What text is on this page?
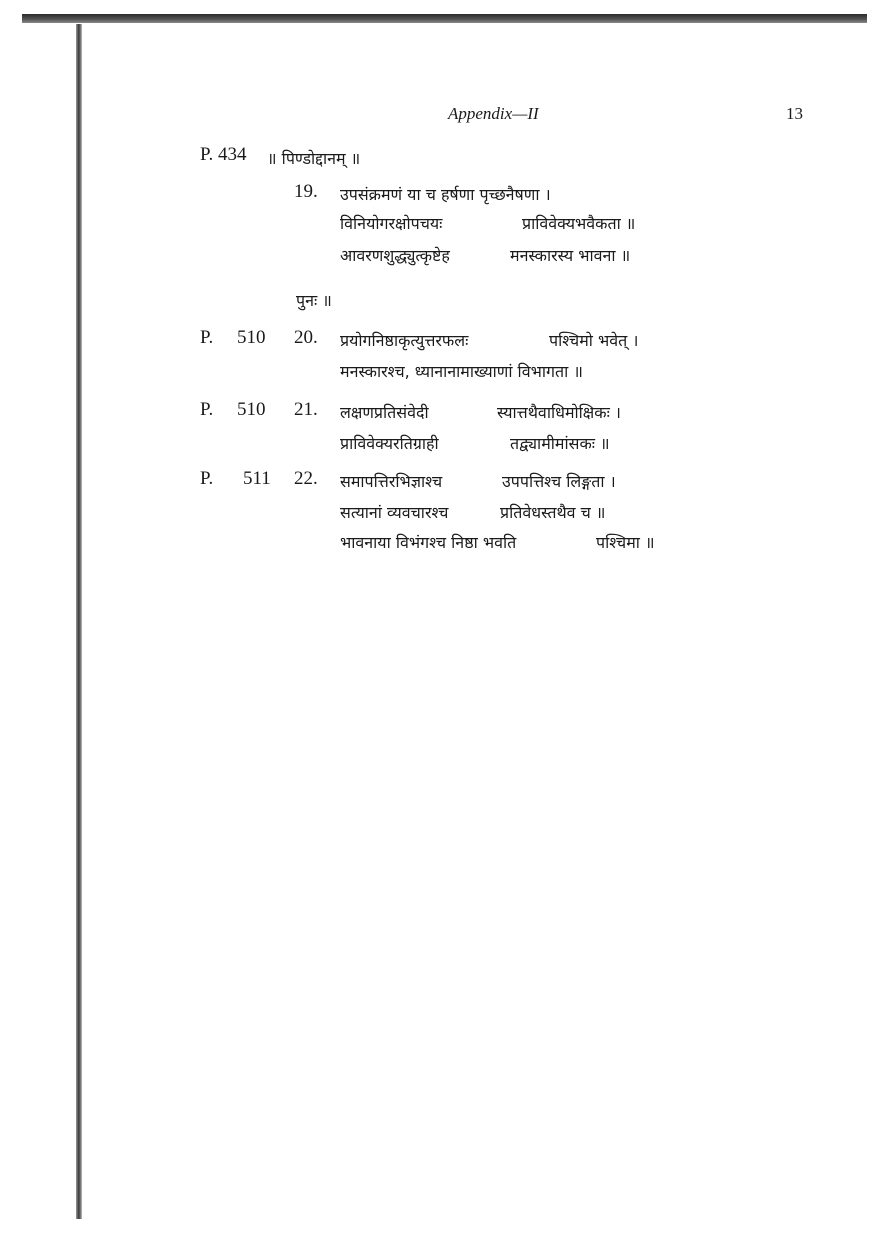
Appendix—II	13
P. 434 ॥ पिण्डोद्दानम् ॥
19. उपसंक्रमणं या च हर्षणा पृच्छनैषणा ।
विनियोगरक्षोपचयः	प्राविवेक्यभवैकता ॥
आवरणशुद्ध्युत्कृष्टेह	मनस्कारस्य भावना ॥
पुनः ॥
P. 510 20. प्रयोगनिष्ठाकृत्युत्तरफलः	पश्चिमो भवेत् ।
मनस्कारश्च, ध्यानानामाख्याणां विभागता ॥
P. 510 21. लक्षणप्रतिसंवेदी	स्यात्तथैवाधिमोक्षिकः ।
प्राविवेक्यरतिग्राही	तद्व्यामीमांसकः ॥
P. 511 22. समापत्तिरभिज्ञाश्च	उपपत्तिश्च लिङ्गता ।
सत्यानां व्यवचारश्च	प्रतिवेधस्तथैव च ॥
भावनाया विभंगश्च निष्ठा भवति	पश्चिमा ॥
